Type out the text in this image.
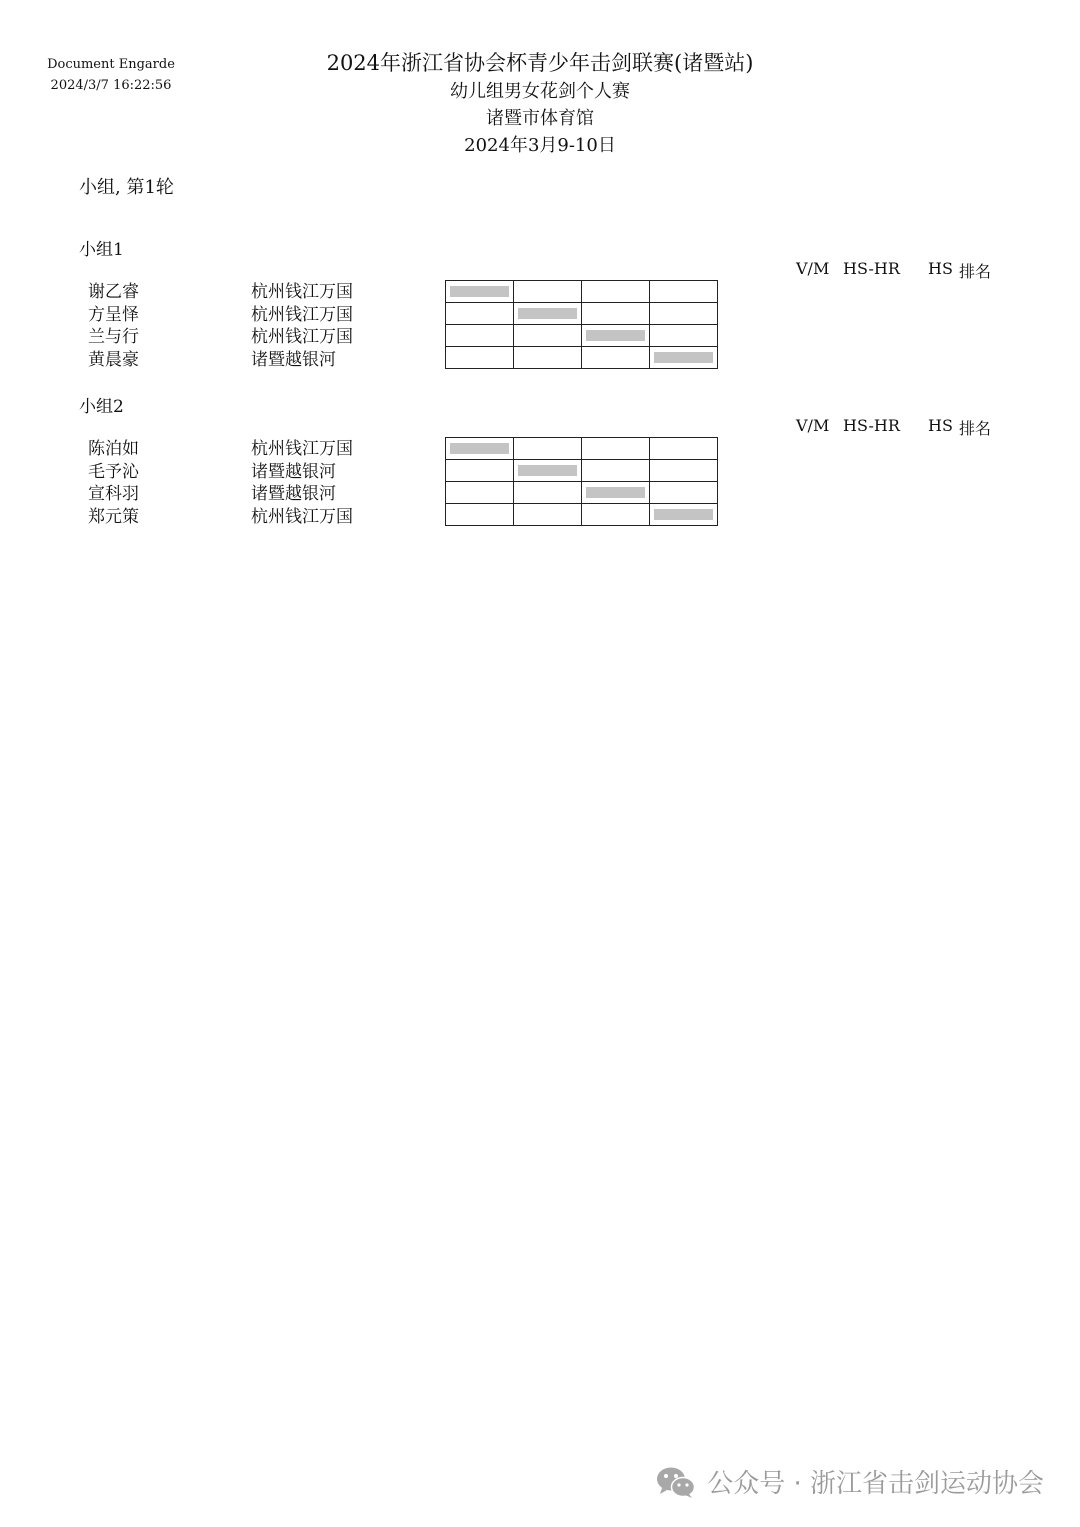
Document Engarde
2024/3/7 16:22:56
2024年浙江省协会杯青少年击剑联赛(诸暨站)
幼儿组男女花剑个人赛
诸暨市体育馆
2024年3月9-10日
小组, 第1轮
小组1
V/M HS-HR HS 排名
谢乙睿	杭州钱江万国
方呈怿	杭州钱江万国
兰与行	杭州钱江万国
黄晨豪	诸暨越银河

小组2
V/M HS-HR HS 排名
陈泊如	杭州钱江万国
毛予沁	诸暨越银河
宣科羽	诸暨越银河
郑元策	杭州钱江万国

公众号 · 浙江省击剑运动协会
